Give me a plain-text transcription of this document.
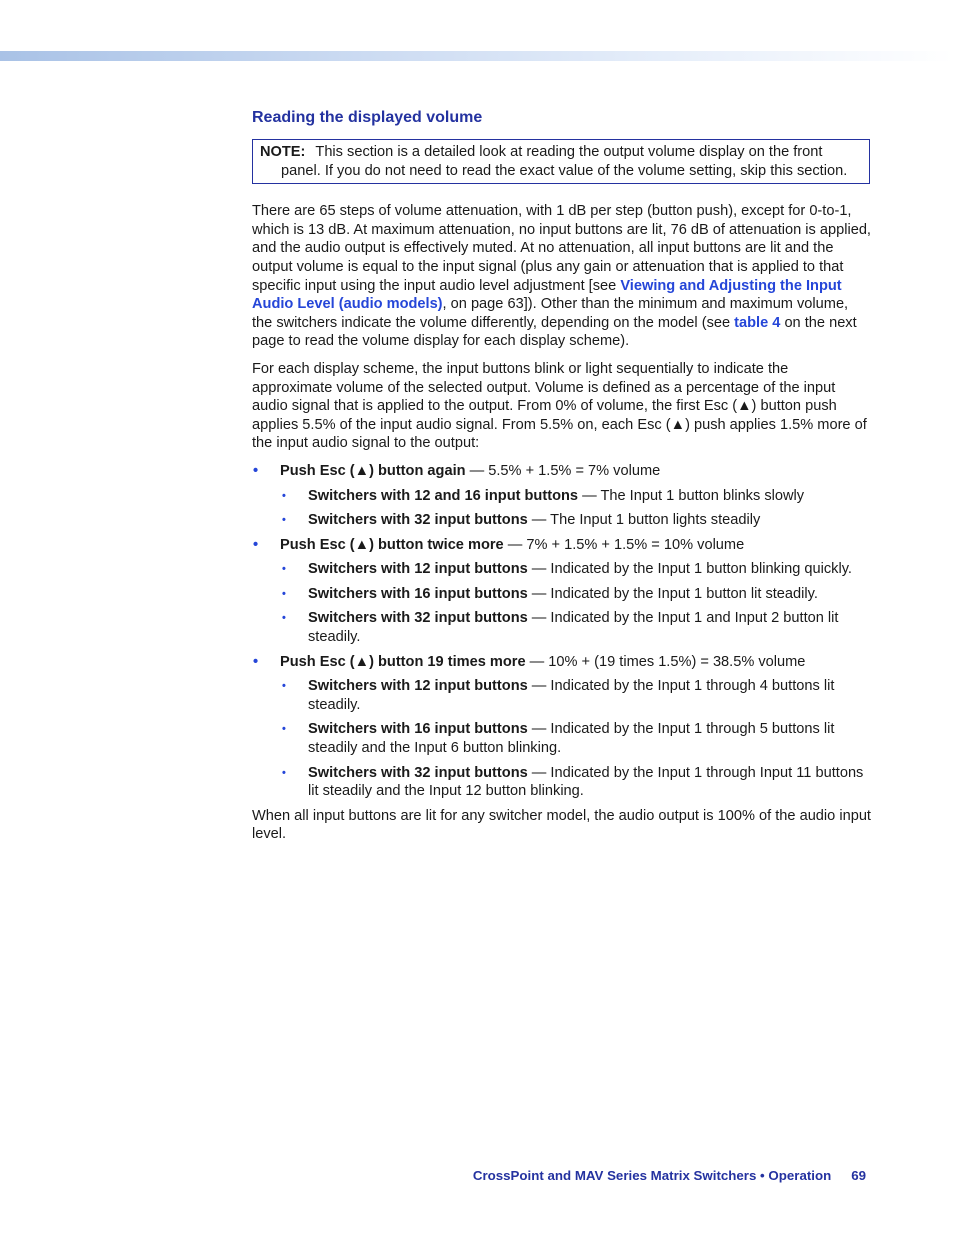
Reading the displayed volume

NOTE: This section is a detailed look at reading the output volume display on the front panel. If you do not need to read the exact value of the volume setting, skip this section.

There are 65 steps of volume attenuation, with 1 dB per step (button push), except for 0-to-1, which is 13 dB. At maximum attenuation, no input buttons are lit, 76 dB of attenuation is applied, and the audio output is effectively muted. At no attenuation, all input buttons are lit and the output volume is equal to the input signal (plus any gain or attenuation that is applied to that specific input using the input audio level adjustment [see Viewing and Adjusting the Input Audio Level (audio models), on page 63]). Other than the minimum and maximum volume, the switchers indicate the volume differently, depending on the model (see table 4 on the next page to read the volume display for each display scheme).

For each display scheme, the input buttons blink or light sequentially to indicate the approximate volume of the selected output. Volume is defined as a percentage of the input audio signal that is applied to the output. From 0% of volume, the first Esc (▲) button push applies 5.5% of the input audio signal. From 5.5% on, each Esc (▲) push applies 1.5% more of the input audio signal to the output:

• Push Esc (▲) button again — 5.5% + 1.5% = 7% volume
• Switchers with 12 and 16 input buttons — The Input 1 button blinks slowly
• Switchers with 32 input buttons — The Input 1 button lights steadily
• Push Esc (▲) button twice more — 7% + 1.5% + 1.5% = 10% volume
• Switchers with 12 input buttons — Indicated by the Input 1 button blinking quickly.
• Switchers with 16 input buttons — Indicated by the Input 1 button lit steadily.
• Switchers with 32 input buttons — Indicated by the Input 1 and Input 2 button lit steadily.
• Push Esc (▲) button 19 times more — 10% + (19 times 1.5%) = 38.5% volume
• Switchers with 12 input buttons — Indicated by the Input 1 through 4 buttons lit steadily.
• Switchers with 16 input buttons — Indicated by the Input 1 through 5 buttons lit steadily and the Input 6 button blinking.
• Switchers with 32 input buttons — Indicated by the Input 1 through Input 11 buttons lit steadily and the Input 12 button blinking.

When all input buttons are lit for any switcher model, the audio output is 100% of the audio input level.

CrossPoint and MAV Series Matrix Switchers • Operation 69
